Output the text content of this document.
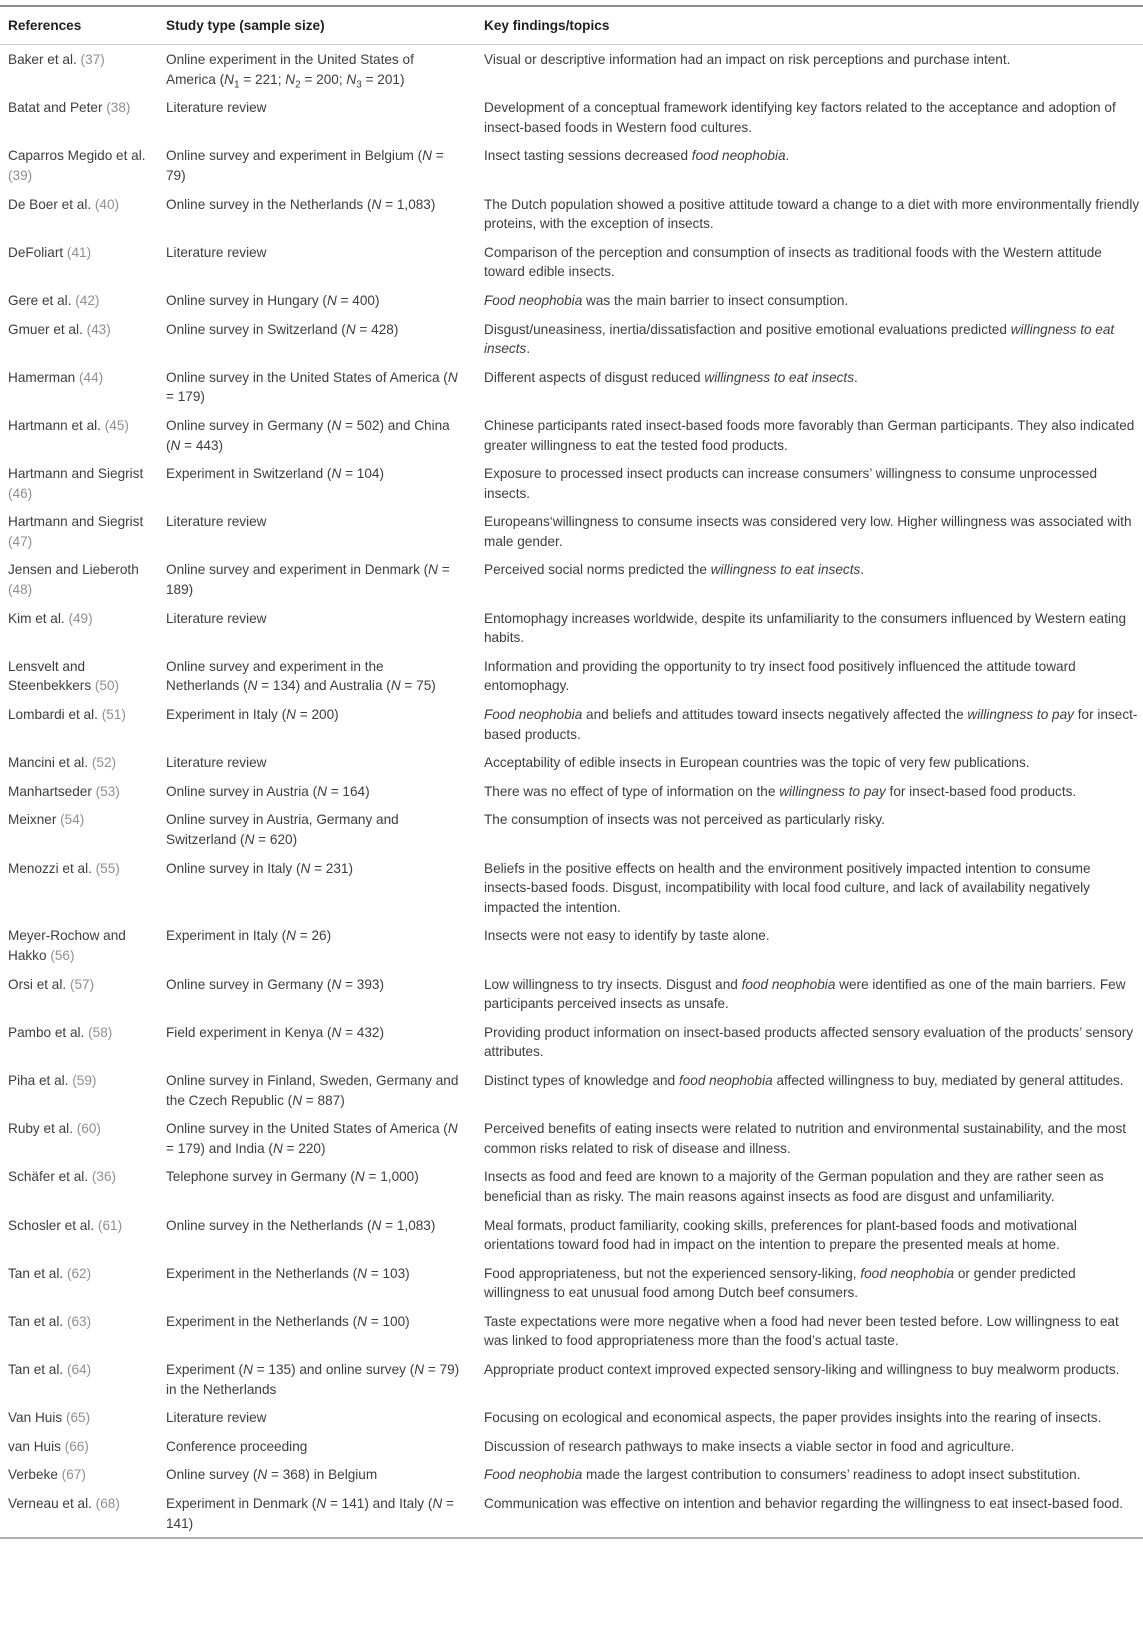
References	Study type (sample size)	Key findings/topics
Baker et al. (37)	Online experiment in the United States of America ($N_1 = 221$; $N_2 = 200$; $N_3 = 201$)	Visual or descriptive information had an impact on risk perceptions and purchase intent.
Batat and Peter (38)	Literature review	Development of a conceptual framework identifying key factors related to the acceptance and adoption of insect-based foods in Western food cultures.
Caparros Megido et al. (39)	Online survey and experiment in Belgium (N = 79)	Insect tasting sessions decreased food neophobia.
De Boer et al. (40)	Online survey in the Netherlands (N = 1,083)	The Dutch population showed a positive attitude toward a change to a diet with more environmentally friendly proteins, with the exception of insects.
DeFoliart (41)	Literature review	Comparison of the perception and consumption of insects as traditional foods with the Western attitude toward edible insects.
Gere et al. (42)	Online survey in Hungary (N = 400)	Food neophobia was the main barrier to insect consumption.
Gmuer et al. (43)	Online survey in Switzerland (N = 428)	Disgust/uneasiness, inertia/dissatisfaction and positive emotional evaluations predicted willingness to eat insects.
Hamerman (44)	Online survey in the United States of America (N = 179)	Different aspects of disgust reduced willingness to eat insects.
Hartmann et al. (45)	Online survey in Germany (N = 502) and China (N = 443)	Chinese participants rated insect-based foods more favorably than German participants. They also indicated greater willingness to eat the tested food products.
Hartmann and Siegrist (46)	Experiment in Switzerland (N = 104)	Exposure to processed insect products can increase consumers’ willingness to consume unprocessed insects.
Hartmann and Siegrist (47)	Literature review	Europeans‘willingness to consume insects was considered very low. Higher willingness was associated with male gender.
Jensen and Lieberoth (48)	Online survey and experiment in Denmark (N = 189)	Perceived social norms predicted the willingness to eat insects.
Kim et al. (49)	Literature review	Entomophagy increases worldwide, despite its unfamiliarity to the consumers influenced by Western eating habits.
Lensvelt and Steenbekkers (50)	Online survey and experiment in the Netherlands (N = 134) and Australia (N = 75)	Information and providing the opportunity to try insect food positively influenced the attitude toward entomophagy.
Lombardi et al. (51)	Experiment in Italy (N = 200)	Food neophobia and beliefs and attitudes toward insects negatively affected the willingness to pay for insect-based products.
Mancini et al. (52)	Literature review	Acceptability of edible insects in European countries was the topic of very few publications.
Manhartseder (53)	Online survey in Austria (N = 164)	There was no effect of type of information on the willingness to pay for insect-based food products.
Meixner (54)	Online survey in Austria, Germany and Switzerland (N = 620)	The consumption of insects was not perceived as particularly risky.
Menozzi et al. (55)	Online survey in Italy (N = 231)	Beliefs in the positive effects on health and the environment positively impacted intention to consume insects-based foods. Disgust, incompatibility with local food culture, and lack of availability negatively impacted the intention.
Meyer-Rochow and Hakko (56)	Experiment in Italy (N = 26)	Insects were not easy to identify by taste alone.
Orsi et al. (57)	Online survey in Germany (N = 393)	Low willingness to try insects. Disgust and food neophobia were identified as one of the main barriers. Few participants perceived insects as unsafe.
Pambo et al. (58)	Field experiment in Kenya (N = 432)	Providing product information on insect-based products affected sensory evaluation of the products’ sensory attributes.
Piha et al. (59)	Online survey in Finland, Sweden, Germany and the Czech Republic (N = 887)	Distinct types of knowledge and food neophobia affected willingness to buy, mediated by general attitudes.
Ruby et al. (60)	Online survey in the United States of America (N = 179) and India (N = 220)	Perceived benefits of eating insects were related to nutrition and environmental sustainability, and the most common risks related to risk of disease and illness.
Schäfer et al. (36)	Telephone survey in Germany (N = 1,000)	Insects as food and feed are known to a majority of the German population and they are rather seen as beneficial than as risky. The main reasons against insects as food are disgust and unfamiliarity.
Schosler et al. (61)	Online survey in the Netherlands (N = 1,083)	Meal formats, product familiarity, cooking skills, preferences for plant-based foods and motivational orientations toward food had in impact on the intention to prepare the presented meals at home.
Tan et al. (62)	Experiment in the Netherlands (N = 103)	Food appropriateness, but not the experienced sensory-liking, food neophobia or gender predicted willingness to eat unusual food among Dutch beef consumers.
Tan et al. (63)	Experiment in the Netherlands (N = 100)	Taste expectations were more negative when a food had never been tested before. Low willingness to eat was linked to food appropriateness more than the food’s actual taste.
Tan et al. (64)	Experiment (N = 135) and online survey (N = 79) in the Netherlands	Appropriate product context improved expected sensory-liking and willingness to buy mealworm products.
Van Huis (65)	Literature review	Focusing on ecological and economical aspects, the paper provides insights into the rearing of insects.
van Huis (66)	Conference proceeding	Discussion of research pathways to make insects a viable sector in food and agriculture.
Verbeke (67)	Online survey (N = 368) in Belgium	Food neophobia made the largest contribution to consumers’ readiness to adopt insect substitution.
Verneau et al. (68)	Experiment in Denmark (N = 141) and Italy (N = 141)	Communication was effective on intention and behavior regarding the willingness to eat insect-based food.
